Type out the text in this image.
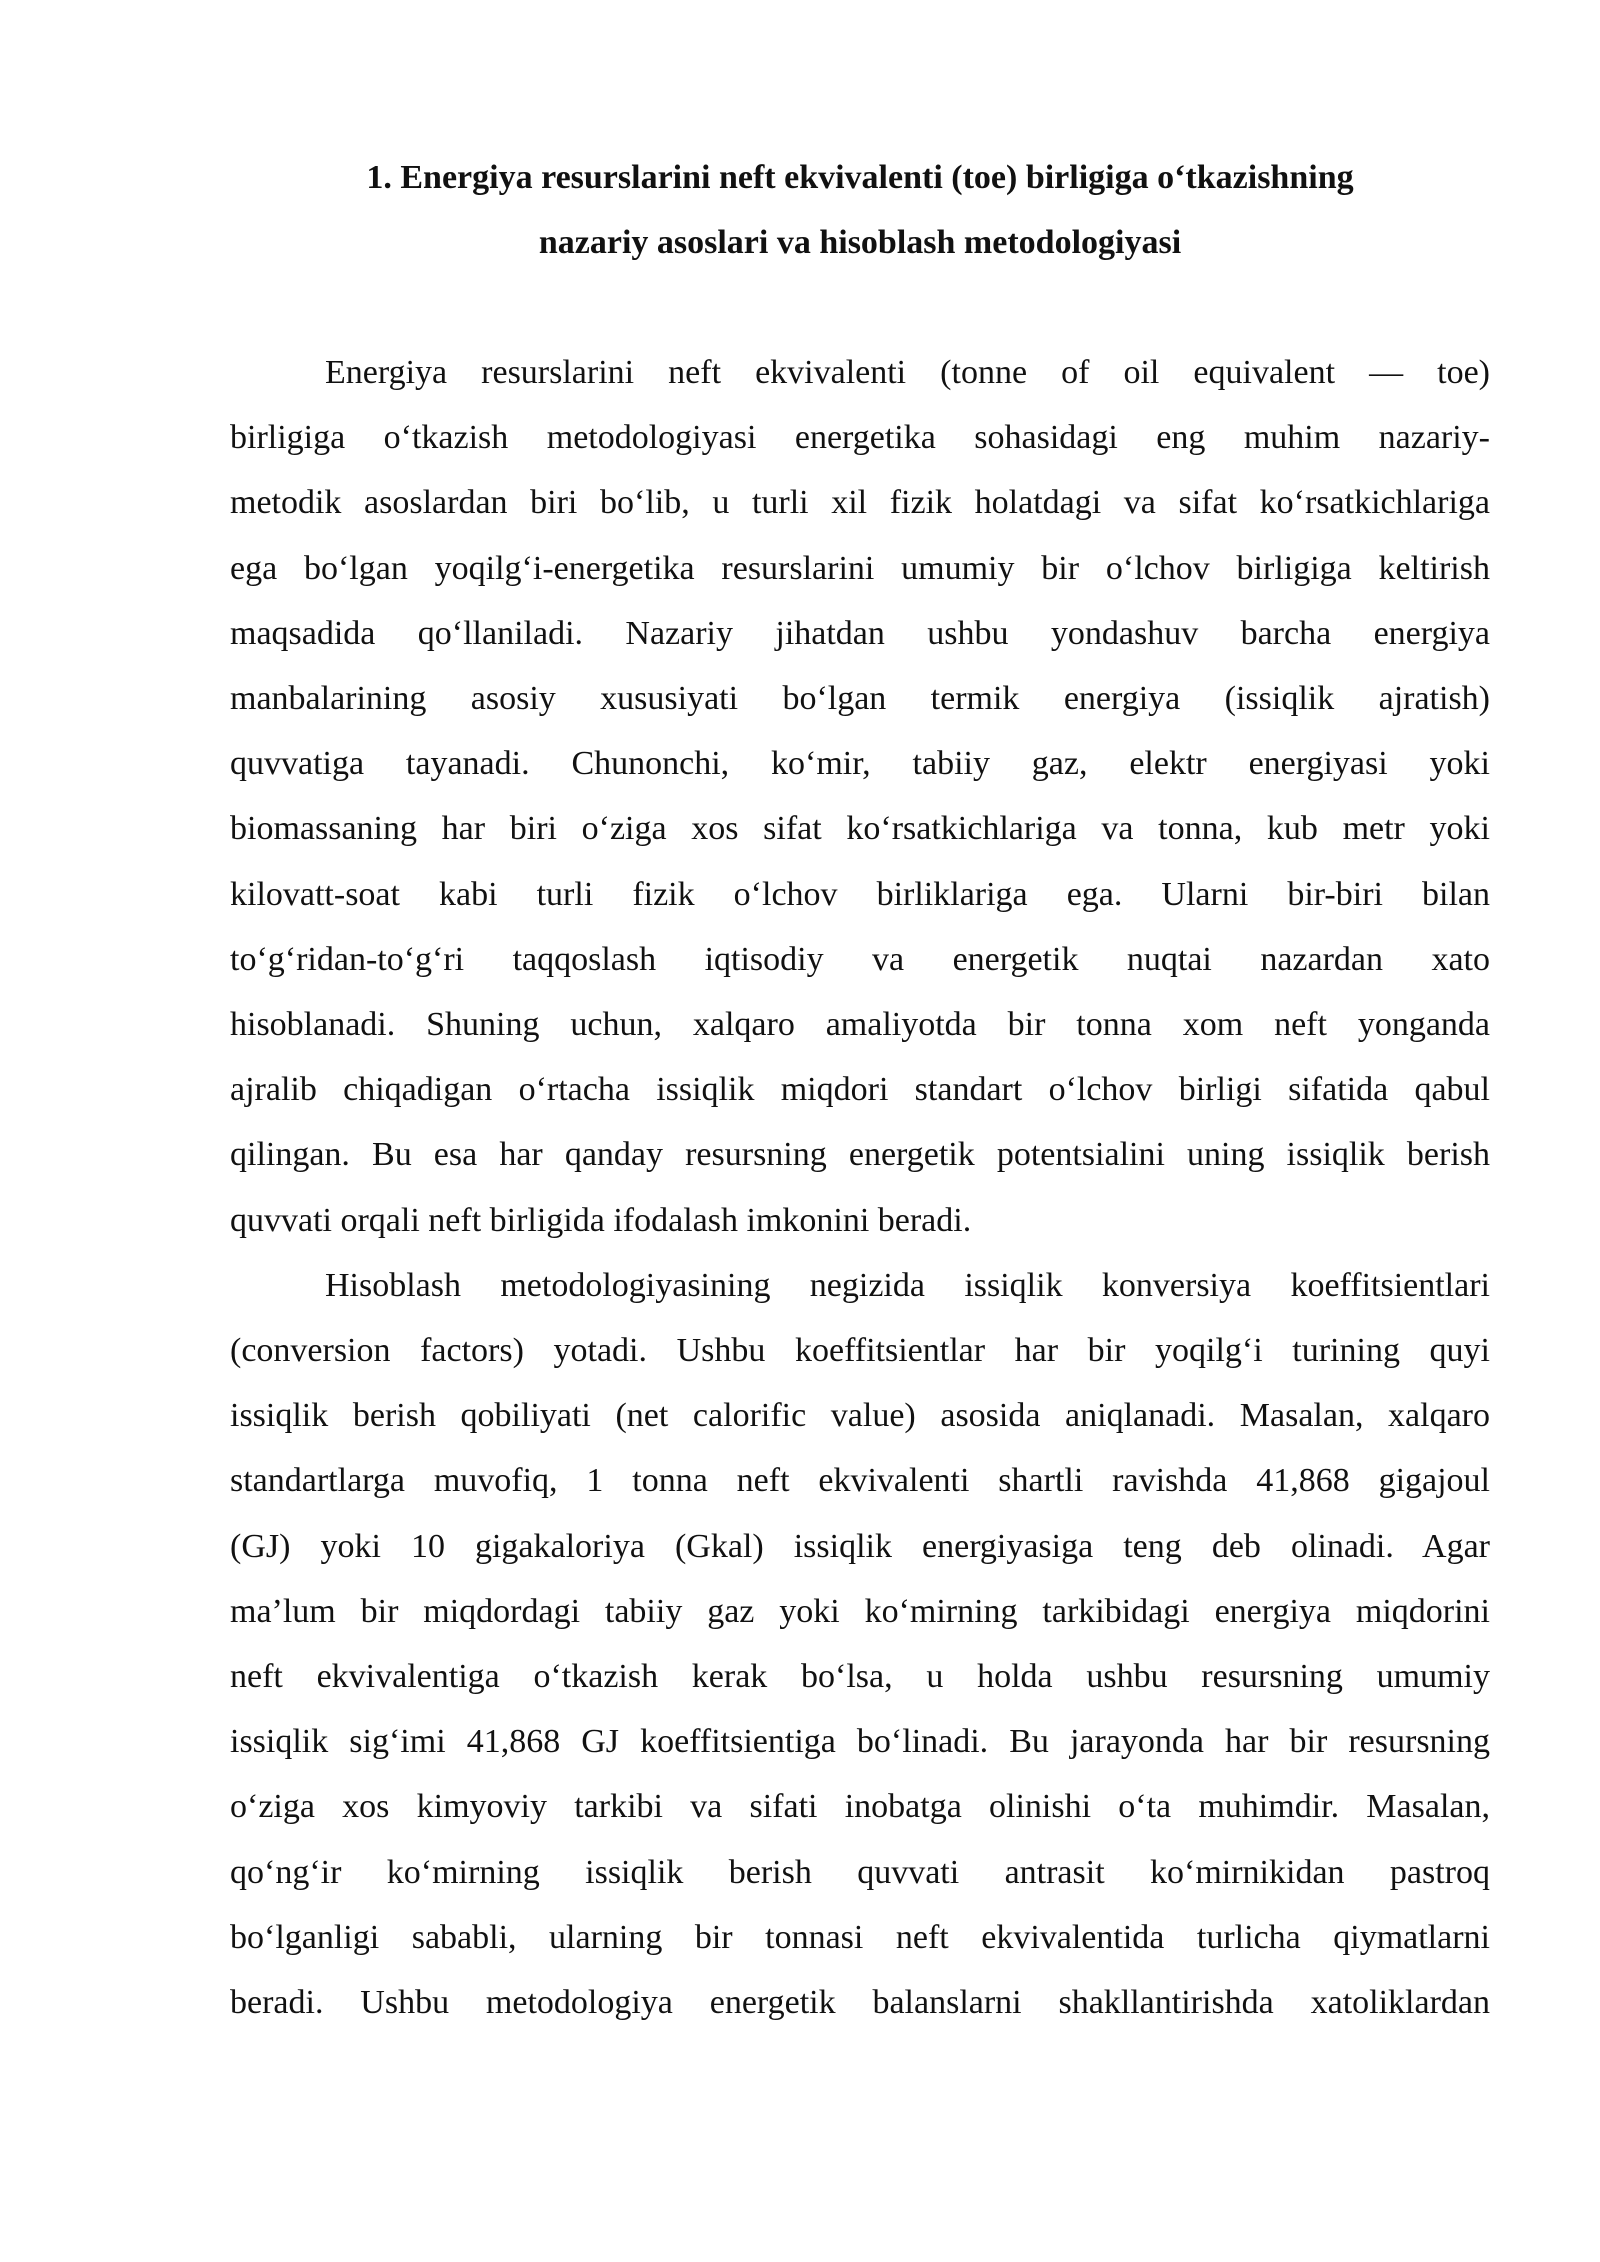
1. Energiya resurslarini neft ekvivalenti (toe) birligiga o‘tkazishning
nazariy asoslari va hisoblash metodologiyasi

Energiya resurslarini neft ekvivalenti (tonne of oil equivalent — toe)
birligiga o‘tkazish metodologiyasi energetika sohasidagi eng muhim nazariy-
metodik asoslardan biri bo‘lib, u turli xil fizik holatdagi va sifat ko‘rsatkichlariga
ega bo‘lgan yoqilg‘i-energetika resurslarini umumiy bir o‘lchov birligiga keltirish
maqsadida qo‘llaniladi. Nazariy jihatdan ushbu yondashuv barcha energiya
manbalarining asosiy xususiyati bo‘lgan termik energiya (issiqlik ajratish)
quvvatiga tayanadi. Chunonchi, ko‘mir, tabiiy gaz, elektr energiyasi yoki
biomassaning har biri o‘ziga xos sifat ko‘rsatkichlariga va tonna, kub metr yoki
kilovatt-soat kabi turli fizik o‘lchov birliklariga ega. Ularni bir-biri bilan
to‘g‘ridan-to‘g‘ri taqqoslash iqtisodiy va energetik nuqtai nazardan xato
hisoblanadi. Shuning uchun, xalqaro amaliyotda bir tonna xom neft yonganda
ajralib chiqadigan o‘rtacha issiqlik miqdori standart o‘lchov birligi sifatida qabul
qilingan. Bu esa har qanday resursning energetik potentsialini uning issiqlik berish
quvvati orqali neft birligida ifodalash imkonini beradi.

Hisoblash metodologiyasining negizida issiqlik konversiya koeffitsientlari
(conversion factors) yotadi. Ushbu koeffitsientlar har bir yoqilg‘i turining quyi
issiqlik berish qobiliyati (net calorific value) asosida aniqlanadi. Masalan, xalqaro
standartlarga muvofiq, 1 tonna neft ekvivalenti shartli ravishda 41,868 gigajoul
(GJ) yoki 10 gigakaloriya (Gkal) issiqlik energiyasiga teng deb olinadi. Agar
ma’lum bir miqdordagi tabiiy gaz yoki ko‘mirning tarkibidagi energiya miqdorini
neft ekvivalentiga o‘tkazish kerak bo‘lsa, u holda ushbu resursning umumiy
issiqlik sig‘imi 41,868 GJ koeffitsientiga bo‘linadi. Bu jarayonda har bir resursning
o‘ziga xos kimyoviy tarkibi va sifati inobatga olinishi o‘ta muhimdir. Masalan,
qo‘ng‘ir ko‘mirning issiqlik berish quvvati antrasit ko‘mirnikidan pastroq
bo‘lganligi sababli, ularning bir tonnasi neft ekvivalentida turlicha qiymatlarni
beradi. Ushbu metodologiya energetik balanslarni shakllantirishda xatoliklardan
